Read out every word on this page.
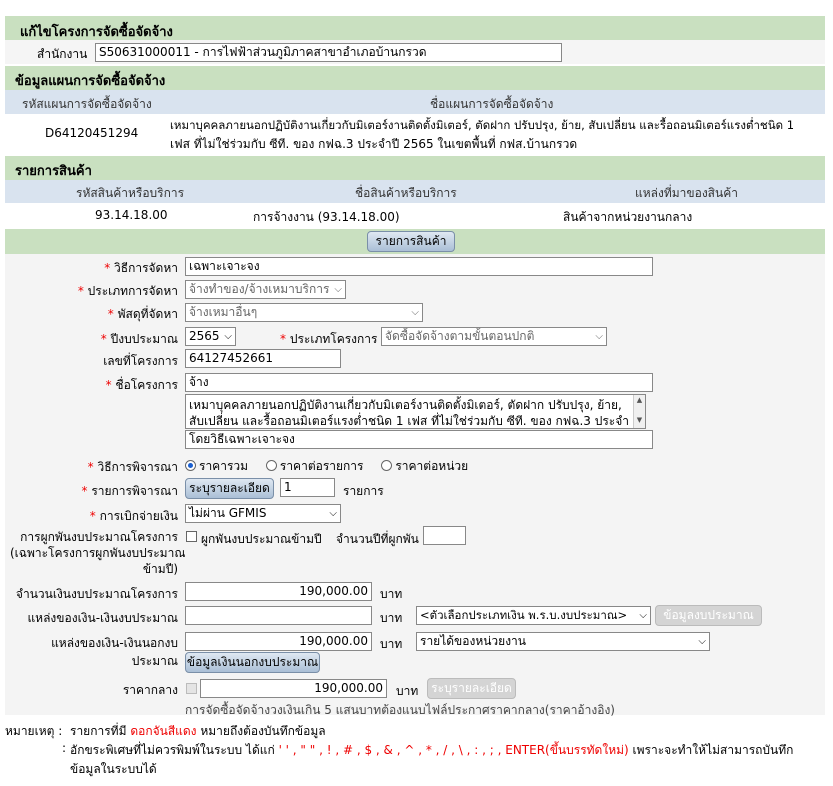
แก้ไขโครงการจัดซื้อจัดจ้าง
สำนักงาน S50631000011 - การไฟฟ้าส่วนภูมิภาคสาขาอำเภอบ้านกรวด
ข้อมูลแผนการจัดซื้อจัดจ้าง
รหัสแผนการจัดซื้อจัดจ้าง	ชื่อแผนการจัดซื้อจัดจ้าง
D64120451294
เหมาบุคคลภายนอกปฏิบัติงานเกี่ยวกับมิเตอร์งานติดตั้งมิเตอร์, ตัดฝาก ปรับปรุง, ย้าย, สับเปลี่ยน และรื้อถอนมิเตอร์แรงต่ำชนิด 1
เฟส ที่ไม่ใช่ร่วมกับ ซีที. ของ กฟฉ.3 ประจำปี 2565 ในเขตพื้นที่ กฟส.บ้านกรวด
รายการสินค้า
รหัสสินค้าหรือบริการ	ชื่อสินค้าหรือบริการ	แหล่งที่มาของสินค้า
93.14.18.00	การจ้างงาน (93.14.18.00)	สินค้าจากหน่วยงานกลาง
รายการสินค้า
* วิธีการจัดหา เฉพาะเจาะจง
* ประเภทการจัดหา จ้างทำของ/จ้างเหมาบริการ ⌵
* พัสดุที่จัดหา จ้างเหมาอื่นๆ	⌵
* ปีงบประมาณ 2565 ⌵	* ประเภทโครงการ จัดซื้อจัดจ้างตามขั้นตอนปกติ	⌵
เลขที่โครงการ 64127452661
* ชื่อโครงการ จ้าง
เหมาบุคคลภายนอกปฏิบัติงานเกี่ยวกับมิเตอร์งานติดตั้งมิเตอร์, ตัดฝาก ปรับปรุง, ย้าย,
สับเปลี่ยน และรื้อถอนมิเตอร์แรงต่ำชนิด 1 เฟส ที่ไม่ใช่ร่วมกับ ซีที. ของ กฟฉ.3 ประจำ
▲

▼
โดยวิธีเฉพาะเจาะจง
* วิธีการพิจารณา	ราคารวม	ราคาต่อรายการ	ราคาต่อหน่วย
* รายการพิจารณา ระบุรายละเอียด	1	รายการ
* การเบิกจ่ายเงิน ไม่ผ่าน GFMIS	⌵
การผูกพันงบประมาณโครงการ
(เฉพาะโครงการผูกพันงบประมาณ
ข้ามปี)
ผูกพันงบประมาณข้ามปี จำนวนปีที่ผูกพัน
จำนวนเงินงบประมาณโครงการ	190,000.00	บาท
แหล่งของเงิน-เงินงบประมาณ	บาท	<ตัวเลือกประเภทเงิน พ.ร.บ.งบประมาณ> ⌵	ข้อมูลงบประมาณ
แหล่งของเงิน-เงินนอกงบ
ประมาณ
190,000.00	บาท	รายได้ของหน่วยงาน	⌵
ข้อมูลเงินนอกงบประมาณ
ราคากลาง	190,000.00	บาท	ระบุรายละเอียด
การจัดซื้อจัดจ้างวงเงินเกิน 5 แสนบาทต้องแนบไฟล์ประกาศราคากลาง(ราคาอ้างอิง)
หมายเหตุ : รายการที่มี ดอกจันสีแดง หมายถึงต้องบันทึกข้อมูล
: อักขระพิเศษที่ไม่ควรพิมพ์ในระบบ ได้แก่ ' ' , " " , ! , # , $ , & , ^ , * , / , \ , : , ; , ENTER(ขึ้นบรรทัดใหม่) เพราะจะทำให้ไม่สามารถบันทึก
ข้อมูลในระบบได้
